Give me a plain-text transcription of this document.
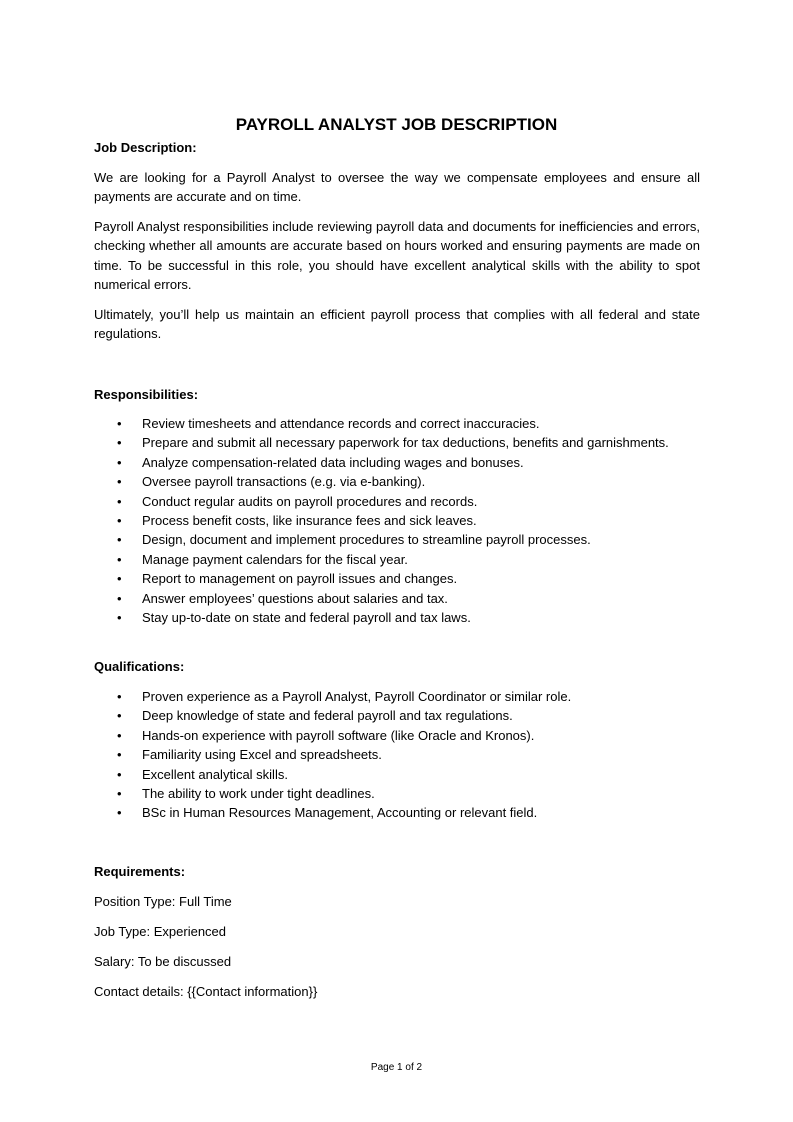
PAYROLL ANALYST JOB DESCRIPTION
Job Description:
We are looking for a Payroll Analyst to oversee the way we compensate employees and ensure all payments are accurate and on time.
Payroll Analyst responsibilities include reviewing payroll data and documents for inefficiencies and errors, checking whether all amounts are accurate based on hours worked and ensuring payments are made on time. To be successful in this role, you should have excellent analytical skills with the ability to spot numerical errors.
Ultimately, you’ll help us maintain an efficient payroll process that complies with all federal and state regulations.
Responsibilities:
• Review timesheets and attendance records and correct inaccuracies.
• Prepare and submit all necessary paperwork for tax deductions, benefits and garnishments.
• Analyze compensation-related data including wages and bonuses.
• Oversee payroll transactions (e.g. via e-banking).
• Conduct regular audits on payroll procedures and records.
• Process benefit costs, like insurance fees and sick leaves.
• Design, document and implement procedures to streamline payroll processes.
• Manage payment calendars for the fiscal year.
• Report to management on payroll issues and changes.
• Answer employees’ questions about salaries and tax.
• Stay up-to-date on state and federal payroll and tax laws.
Qualifications:
• Proven experience as a Payroll Analyst, Payroll Coordinator or similar role.
• Deep knowledge of state and federal payroll and tax regulations.
• Hands-on experience with payroll software (like Oracle and Kronos).
• Familiarity using Excel and spreadsheets.
• Excellent analytical skills.
• The ability to work under tight deadlines.
• BSc in Human Resources Management, Accounting or relevant field.
Requirements:
Position Type: Full Time
Job Type: Experienced
Salary: To be discussed
Contact details: {{Contact information}}
Page 1 of 2
